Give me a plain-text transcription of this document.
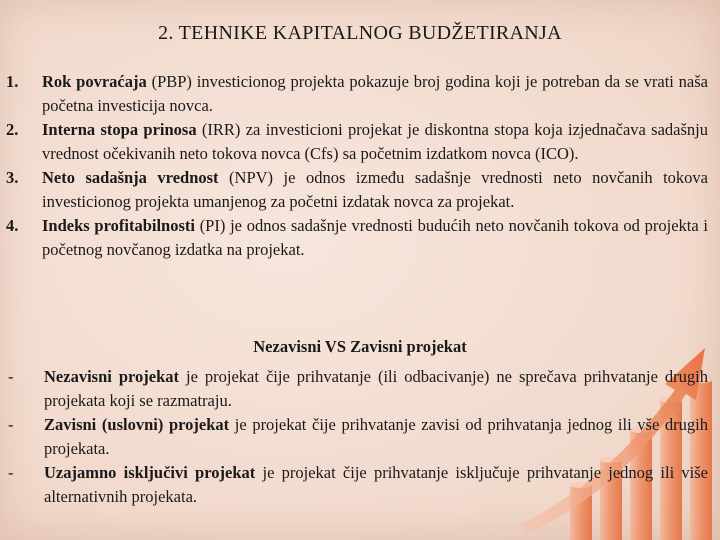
2. TEHNIKE KAPITALNOG BUDŽETIRANJA
1.	Rok povraćaja (PBP) investicionog projekta pokazuje broj godina koji je potreban da se vrati naša početna investicija novca.
2.	Interna stopa prinosa (IRR) za investicioni projekat je diskontna stopa koja izjednačava sadašnju vrednost očekivanih neto tokova novca (Cfs) sa početnim izdatkom novca (ICO).
3.	Neto sadašnja vrednost (NPV) je odnos između sadašnje vrednosti neto novčanih tokova investicionog projekta umanjenog za početni izdatak novca za projekat.
4.	Indeks profitabilnosti (PI) je odnos sadašnje vrednosti budućih neto novčanih tokova od projekta i početnog novčanog izdatka na projekat.
Nezavisni VS Zavisni projekat
-	Nezavisni projekat je projekat čije prihvatanje (ili odbacivanje) ne sprečava prihvatanje drugih projekata koji se razmatraju.
-	Zavisni (uslovni) projekat je projekat čije prihvatanje zavisi od prihvatanja jednog ili vše drugih projekata.
-	Uzajamno isključivi projekat je projekat čije prihvatanje isključuje prihvatanje jednog ili više alternativnih projekata.
